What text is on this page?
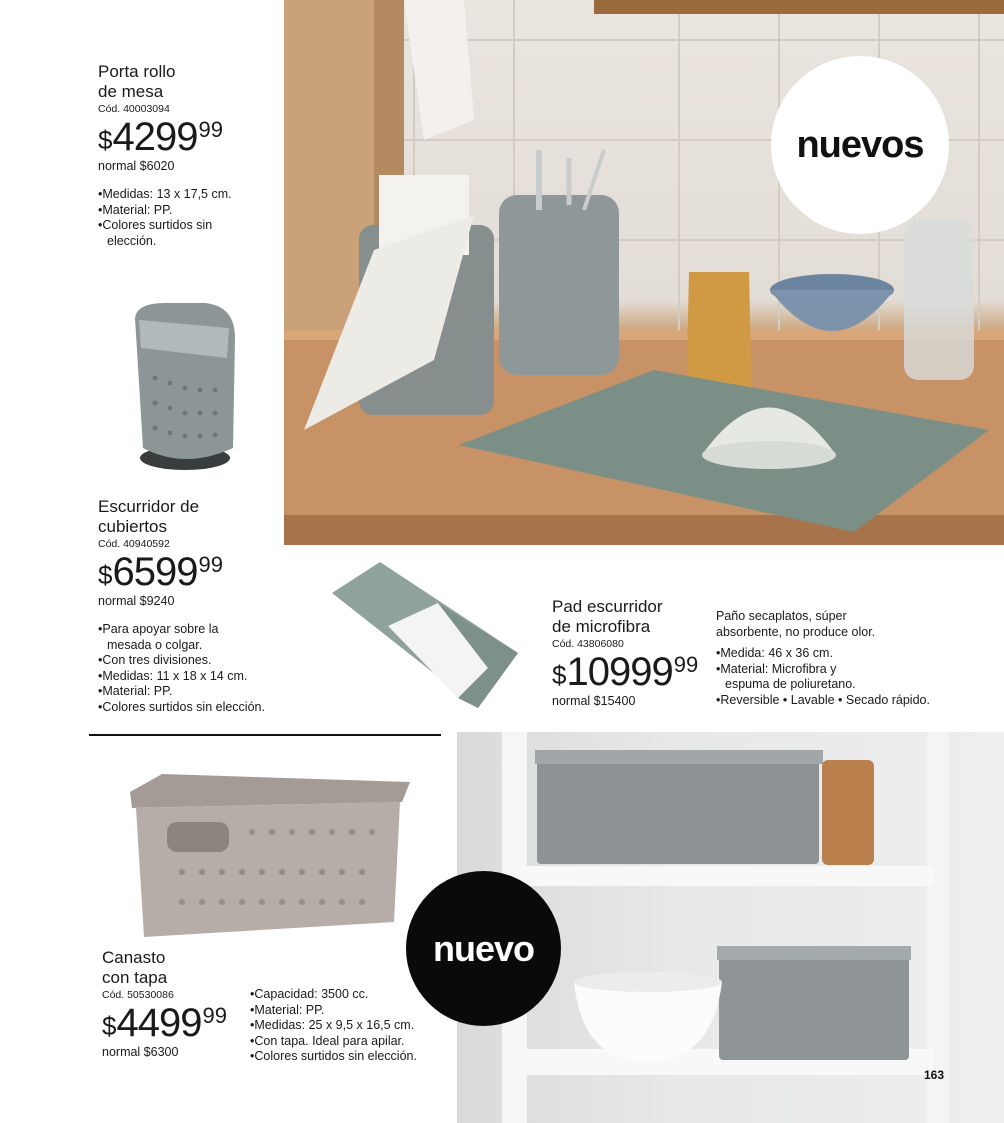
nuevos
Porta rollo
de mesa
Cód. 40003094
$ 4299 99
normal $6020
• Medidas: 13 x 17,5 cm.
• Material: PP.
• Colores surtidos sin elección.
Escurridor de
cubiertos
Cód. 40940592
$ 6599 99
normal $9240
• Para apoyar sobre la mesada o colgar.
• Con tres divisiones.
• Medidas: 11 x 18 x 14 cm.
• Material: PP.
• Colores surtidos sin elección.
Pad escurridor
de microfibra
Cód. 43806080
$ 10999 99
normal $15400
Paño secaplatos, súper
absorbente, no produce olor.
• Medida: 46 x 36 cm.
• Material: Microfibra y espuma de poliuretano.
• Reversible • Lavable • Secado rápido.
nuevo
Canasto
con tapa
Cód. 50530086
$ 4499 99
normal $6300
• Capacidad: 3500 cc.
• Material: PP.
• Medidas: 25 x 9,5 x 16,5 cm.
• Con tapa. Ideal para apilar.
• Colores surtidos sin elección.
163
